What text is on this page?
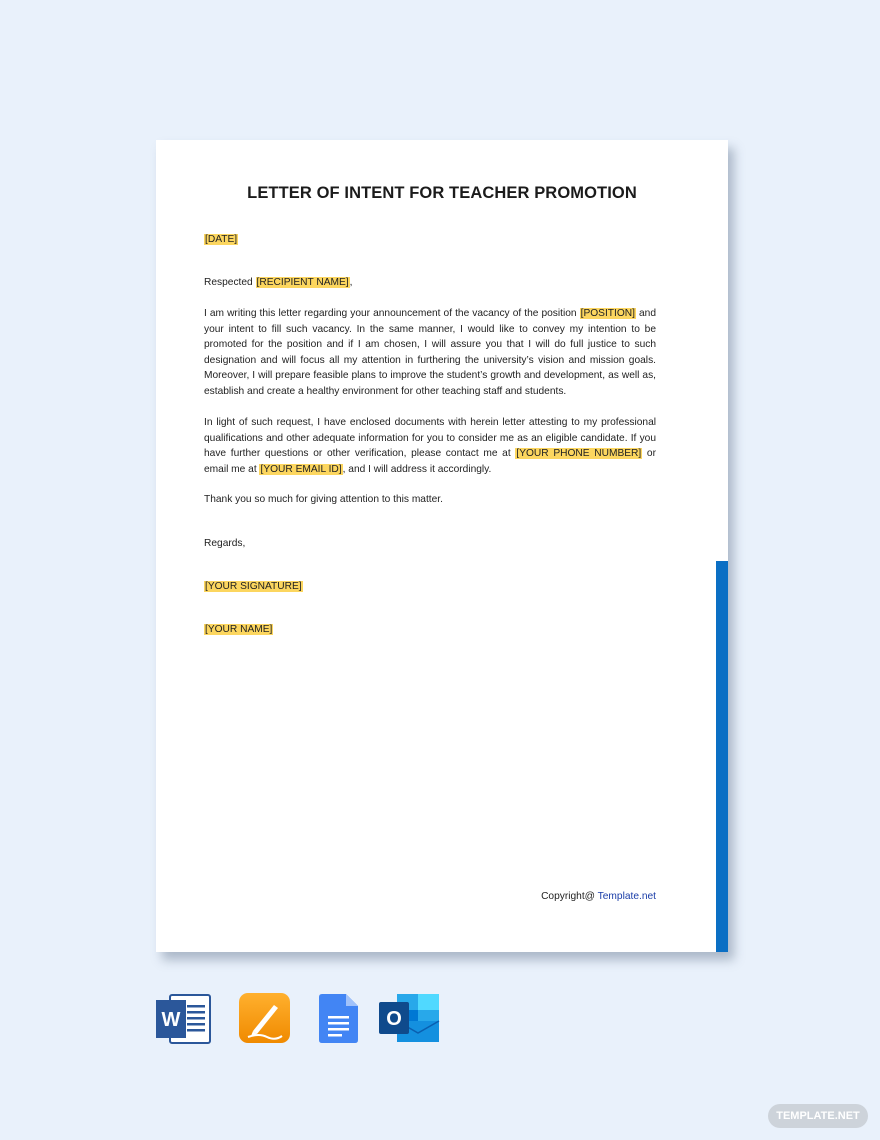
LETTER OF INTENT FOR TEACHER PROMOTION
[DATE]
Respected [RECIPIENT NAME],
I am writing this letter regarding your announcement of the vacancy of the position [POSITION] and your intent to fill such vacancy. In the same manner, I would like to convey my intention to be promoted for the position and if I am chosen, I will assure you that I will do full justice to such designation and will focus all my attention in furthering the university’s vision and mission goals. Moreover, I will prepare feasible plans to improve the student’s growth and development, as well as, establish and create a healthy environment for other teaching staff and students.
In light of such request, I have enclosed documents with herein letter attesting to my professional qualifications and other adequate information for you to consider me as an eligible candidate. If you have further questions or other verification, please contact me at [YOUR PHONE NUMBER] or email me at [YOUR EMAIL ID], and I will address it accordingly.
Thank you so much for giving attention to this matter.
Regards,
[YOUR SIGNATURE]
[YOUR NAME]
Copyright@ Template.net
W	O
TEMPLATE.NET
